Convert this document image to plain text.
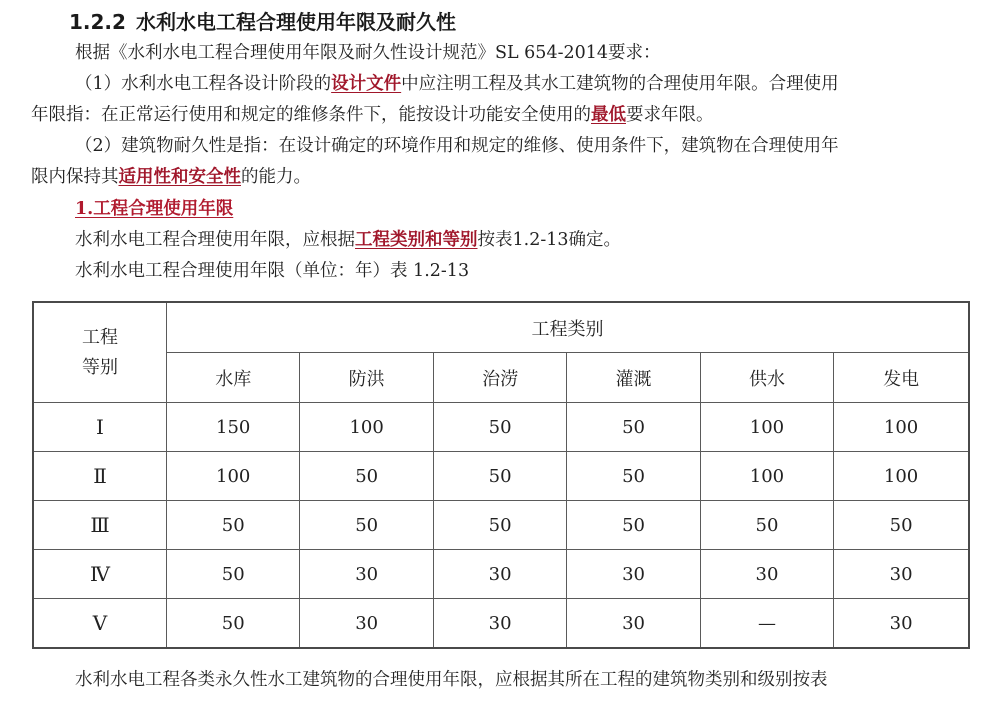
1.2.2 水利水电工程合理使用年限及耐久性
根据《水利水电工程合理使用年限及耐久性设计规范》SL 654-2014要求：
（1）水利水电工程各设计阶段的设计文件中应注明工程及其水工建筑物的合理使用年限。合理使用
年限指：在正常运行使用和规定的维修条件下，能按设计功能安全使用的最低要求年限。
（2）建筑物耐久性是指：在设计确定的环境作用和规定的维修、使用条件下，建筑物在合理使用年
限内保持其适用性和安全性的能力。
1.工程合理使用年限
水利水电工程合理使用年限，应根据工程类别和等别按表1.2-13确定。
水利水电工程合理使用年限（单位：年）表 1.2-13
工程
等别	工程类别					
	水库	防洪	治涝	灌溉	供水	发电
Ⅰ	150	100	50	50	100	100
Ⅱ	100	50	50	50	100	100
Ⅲ	50	50	50	50	50	50
Ⅳ	50	30	30	30	30	30
Ⅴ	50	30	30	30	—	30
水利水电工程各类永久性水工建筑物的合理使用年限，应根据其所在工程的建筑物类别和级别按表
